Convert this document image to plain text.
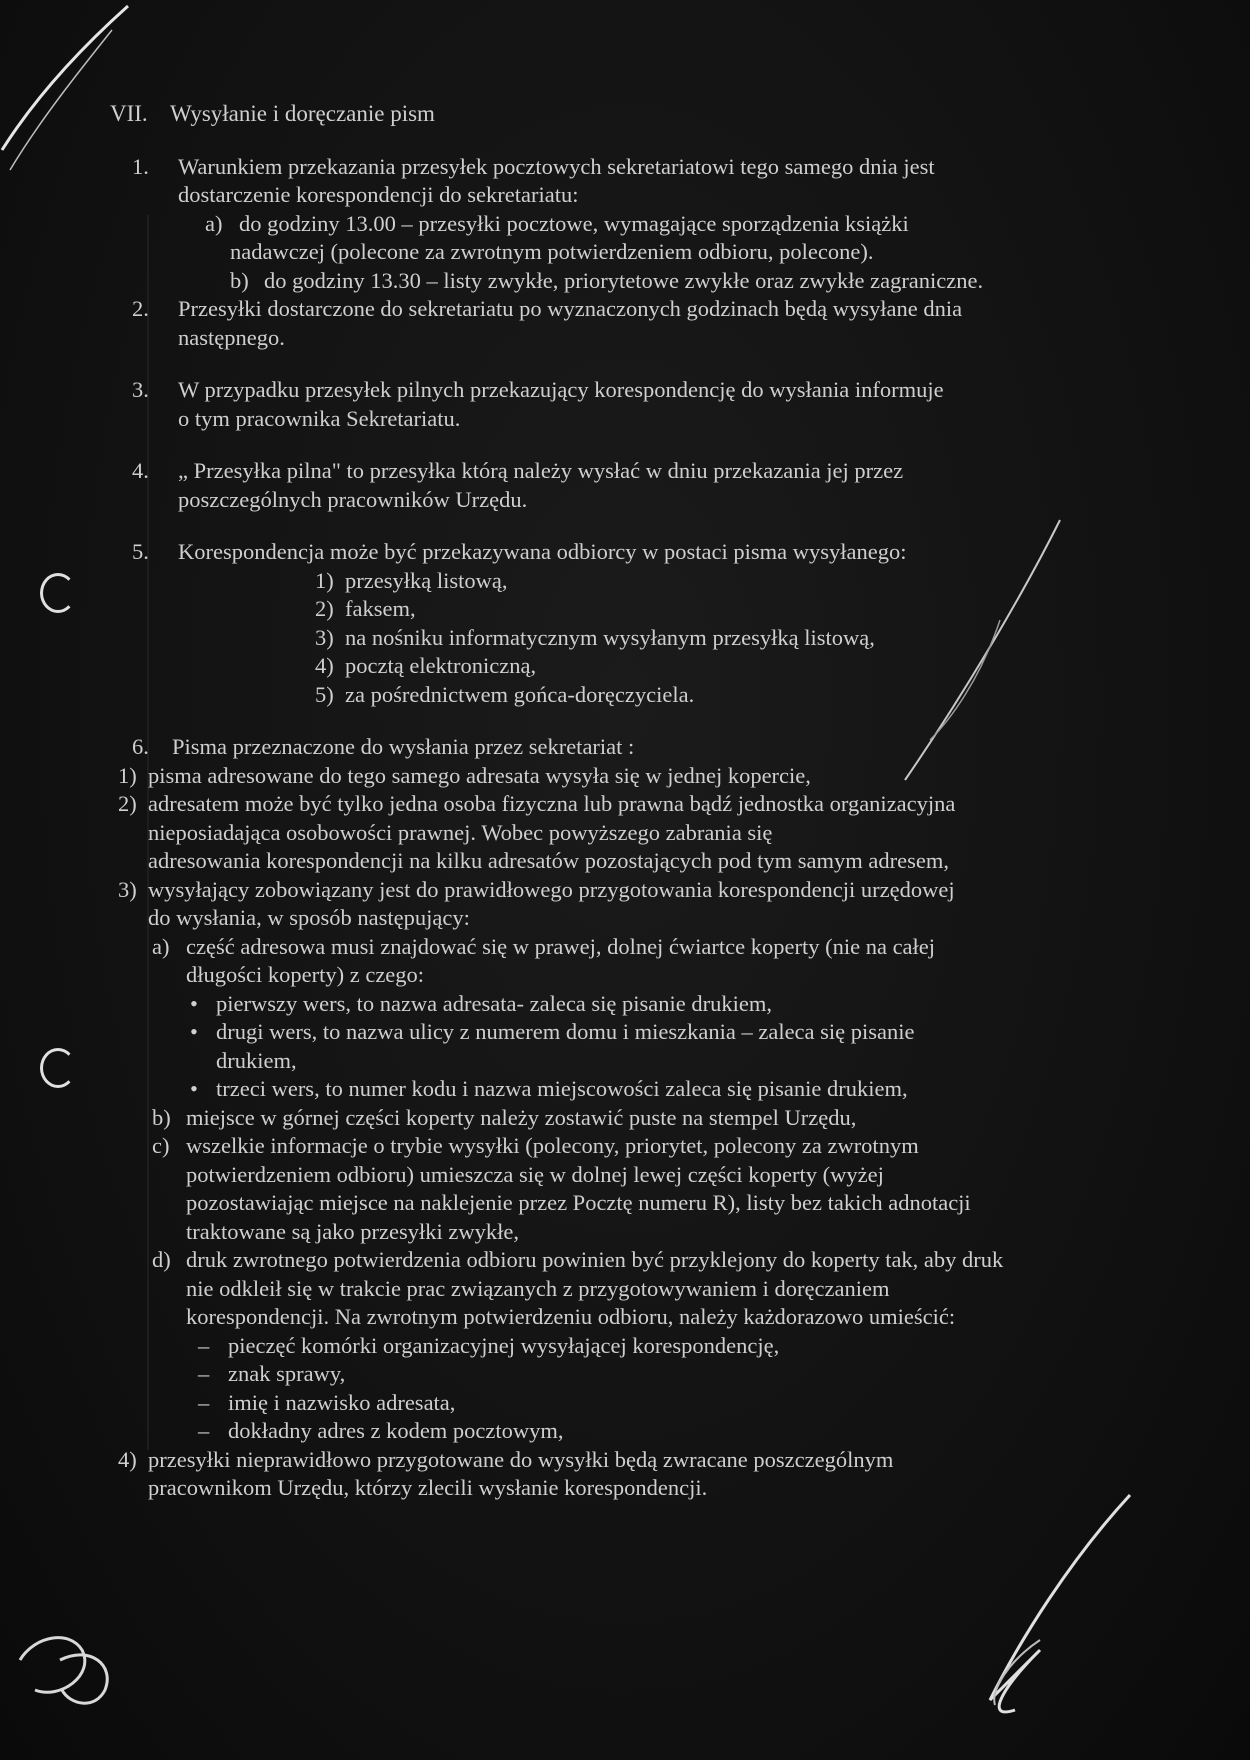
VII. Wysyłanie i doręczanie pism
1. Warunkiem przekazania przesyłek pocztowych sekretariatowi tego samego dnia jest
dostarczenie korespondencji do sekretariatu:
a) do godziny 13.00 – przesyłki pocztowe, wymagające sporządzenia książki
nadawczej (polecone za zwrotnym potwierdzeniem odbioru, polecone).
b) do godziny 13.30 – listy zwykłe, priorytetowe zwykłe oraz zwykłe zagraniczne.
2. Przesyłki dostarczone do sekretariatu po wyznaczonych godzinach będą wysyłane dnia
następnego.
3. W przypadku przesyłek pilnych przekazujący korespondencję do wysłania informuje
o tym pracownika Sekretariatu.
4. „ Przesyłka pilna" to przesyłka którą należy wysłać w dniu przekazania jej przez
poszczególnych pracowników Urzędu.
5. Korespondencja może być przekazywana odbiorcy w postaci pisma wysyłanego:
1) przesyłką listową,
2) faksem,
3) na nośniku informatycznym wysyłanym przesyłką listową,
4) pocztą elektroniczną,
5) za pośrednictwem gońca-doręczyciela.
6. Pisma przeznaczone do wysłania przez sekretariat :
1) pisma adresowane do tego samego adresata wysyła się w jednej kopercie,
2) adresatem może być tylko jedna osoba fizyczna lub prawna bądź jednostka organizacyjna
nieposiadająca osobowości prawnej. Wobec powyższego zabrania się
adresowania korespondencji na kilku adresatów pozostających pod tym samym adresem,
3) wysyłający zobowiązany jest do prawidłowego przygotowania korespondencji urzędowej
do wysłania, w sposób następujący:
a) część adresowa musi znajdować się w prawej, dolnej ćwiartce koperty (nie na całej
długości koperty) z czego:
• pierwszy wers, to nazwa adresata- zaleca się pisanie drukiem,
• drugi wers, to nazwa ulicy z numerem domu i mieszkania – zaleca się pisanie
drukiem,
• trzeci wers, to numer kodu i nazwa miejscowości zaleca się pisanie drukiem,
b) miejsce w górnej części koperty należy zostawić puste na stempel Urzędu,
c) wszelkie informacje o trybie wysyłki (polecony, priorytet, polecony za zwrotnym
potwierdzeniem odbioru) umieszcza się w dolnej lewej części koperty (wyżej
pozostawiając miejsce na naklejenie przez Pocztę numeru R), listy bez takich adnotacji
traktowane są jako przesyłki zwykłe,
d) druk zwrotnego potwierdzenia odbioru powinien być przyklejony do koperty tak, aby druk
nie odkleił się w trakcie prac związanych z przygotowywaniem i doręczaniem
korespondencji. Na zwrotnym potwierdzeniu odbioru, należy każdorazowo umieścić:
– pieczęć komórki organizacyjnej wysyłającej korespondencję,
– znak sprawy,
– imię i nazwisko adresata,
– dokładny adres z kodem pocztowym,
4) przesyłki nieprawidłowo przygotowane do wysyłki będą zwracane poszczególnym
pracownikom Urzędu, którzy zlecili wysłanie korespondencji.
